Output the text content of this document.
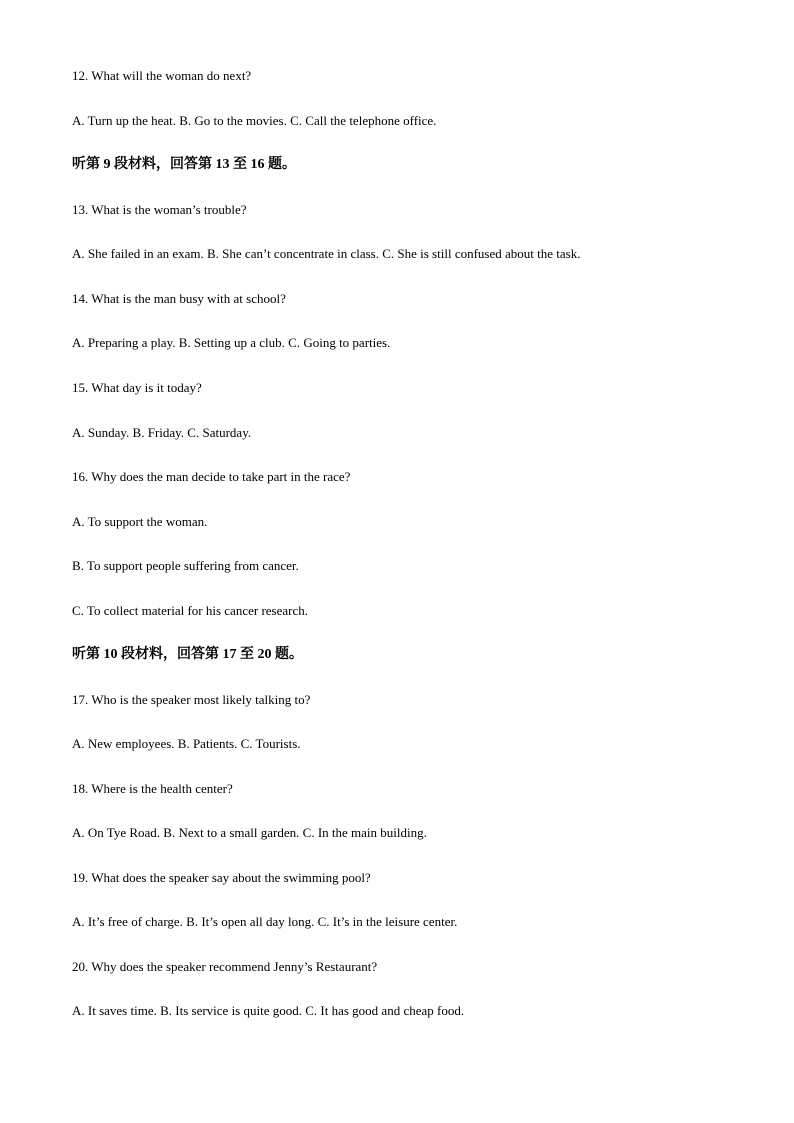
12. What will the woman do next?
A. Turn up the heat. B. Go to the movies. C. Call the telephone office.
听第 9 段材料，回答第 13 至 16 题。
13. What is the woman’s trouble?
A. She failed in an exam. B. She can’t concentrate in class. C. She is still confused about the task.
14. What is the man busy with at school?
A. Preparing a play. B. Setting up a club. C. Going to parties.
15. What day is it today?
A. Sunday. B. Friday. C. Saturday.
16. Why does the man decide to take part in the race?
A. To support the woman.
B. To support people suffering from cancer.
C. To collect material for his cancer research.
听第 10 段材料，回答第 17 至 20 题。
17. Who is the speaker most likely talking to?
A. New employees. B. Patients. C. Tourists.
18. Where is the health center?
A. On Tye Road. B. Next to a small garden. C. In the main building.
19. What does the speaker say about the swimming pool?
A. It’s free of charge. B. It’s open all day long. C. It’s in the leisure center.
20. Why does the speaker recommend Jenny’s Restaurant?
A. It saves time. B. Its service is quite good. C. It has good and cheap food.
